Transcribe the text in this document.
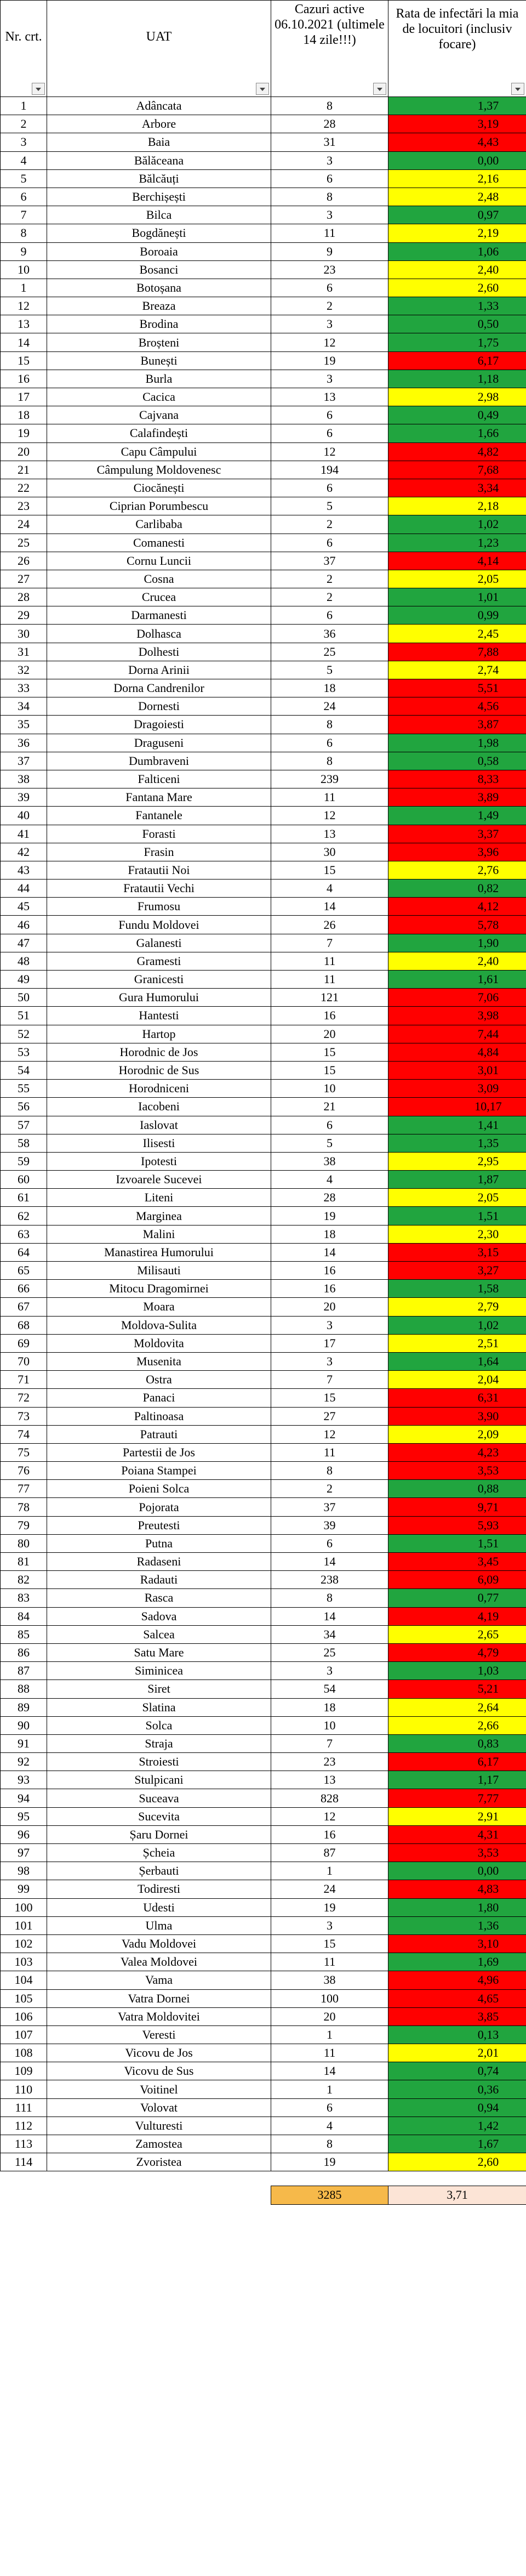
Nr. crt.	UAT	Cazuri active 06.10.2021 (ultimele 14 zile!!!)	Rata de infectări la mia de locuitori (inclusiv focare)

1	Adâncata	8	1,37
2	Arbore	28	3,19
3	Baia	31	4,43
4	Bălăceana	3	0,00
5	Bălcăuți	6	2,16
6	Berchișești	8	2,48
7	Bilca	3	0,97
8	Bogdănești	11	2,19
9	Boroaia	9	1,06
10	Bosanci	23	2,40
1	Botoșana	6	2,60
12	Breaza	2	1,33
13	Brodina	3	0,50
14	Broșteni	12	1,75
15	Bunești	19	6,17
16	Burla	3	1,18
17	Cacica	13	2,98
18	Cajvana	6	0,49
19	Calafindești	6	1,66
20	Capu Câmpului	12	4,82
21	Câmpulung Moldovenesc	194	7,68
22	Ciocănești	6	3,34
23	Ciprian Porumbescu	5	2,18
24	Carlibaba	2	1,02
25	Comanesti	6	1,23
26	Cornu Luncii	37	4,14
27	Cosna	2	2,05
28	Crucea	2	1,01
29	Darmanesti	6	0,99
30	Dolhasca	36	2,45
31	Dolhesti	25	7,88
32	Dorna Arinii	5	2,74
33	Dorna Candrenilor	18	5,51
34	Dornesti	24	4,56
35	Dragoiesti	8	3,87
36	Draguseni	6	1,98
37	Dumbraveni	8	0,58
38	Falticeni	239	8,33
39	Fantana Mare	11	3,89
40	Fantanele	12	1,49
41	Forasti	13	3,37
42	Frasin	30	3,96
43	Fratautii Noi	15	2,76
44	Fratautii Vechi	4	0,82
45	Frumosu	14	4,12
46	Fundu Moldovei	26	5,78
47	Galanesti	7	1,90
48	Gramesti	11	2,40
49	Granicesti	11	1,61
50	Gura Humorului	121	7,06
51	Hantesti	16	3,98
52	Hartop	20	7,44
53	Horodnic de Jos	15	4,84
54	Horodnic de Sus	15	3,01
55	Horodniceni	10	3,09
56	Iacobeni	21	10,17
57	Iaslovat	6	1,41
58	Ilisesti	5	1,35
59	Ipotesti	38	2,95
60	Izvoarele Sucevei	4	1,87
61	Liteni	28	2,05
62	Marginea	19	1,51
63	Malini	18	2,30
64	Manastirea Humorului	14	3,15
65	Milisauti	16	3,27
66	Mitocu Dragomirnei	16	1,58
67	Moara	20	2,79
68	Moldova-Sulita	3	1,02
69	Moldovita	17	2,51
70	Musenita	3	1,64
71	Ostra	7	2,04
72	Panaci	15	6,31
73	Paltinoasa	27	3,90
74	Patrauti	12	2,09
75	Partestii de Jos	11	4,23
76	Poiana Stampei	8	3,53
77	Poieni Solca	2	0,88
78	Pojorata	37	9,71
79	Preutesti	39	5,93
80	Putna	6	1,51
81	Radaseni	14	3,45
82	Radauti	238	6,09
83	Rasca	8	0,77
84	Sadova	14	4,19
85	Salcea	34	2,65
86	Satu Mare	25	4,79
87	Siminicea	3	1,03
88	Siret	54	5,21
89	Slatina	18	2,64
90	Solca	10	2,66
91	Straja	7	0,83
92	Stroiesti	23	6,17
93	Stulpicani	13	1,17
94	Suceava	828	7,77
95	Sucevita	12	2,91
96	Șaru Dornei	16	4,31
97	Șcheia	87	3,53
98	Șerbauti	1	0,00
99	Todiresti	24	4,83
100	Udesti	19	1,80
101	Ulma	3	1,36
102	Vadu Moldovei	15	3,10
103	Valea Moldovei	11	1,69
104	Vama	38	4,96
105	Vatra Dornei	100	4,65
106	Vatra Moldovitei	20	3,85
107	Veresti	1	0,13
108	Vicovu de Jos	11	2,01
109	Vicovu de Sus	14	0,74
110	Voitinel	1	0,36
111	Volovat	6	0,94
112	Vulturesti	4	1,42
113	Zamostea	8	1,67
114	Zvoristea	19	2,60

		3285	3,71
